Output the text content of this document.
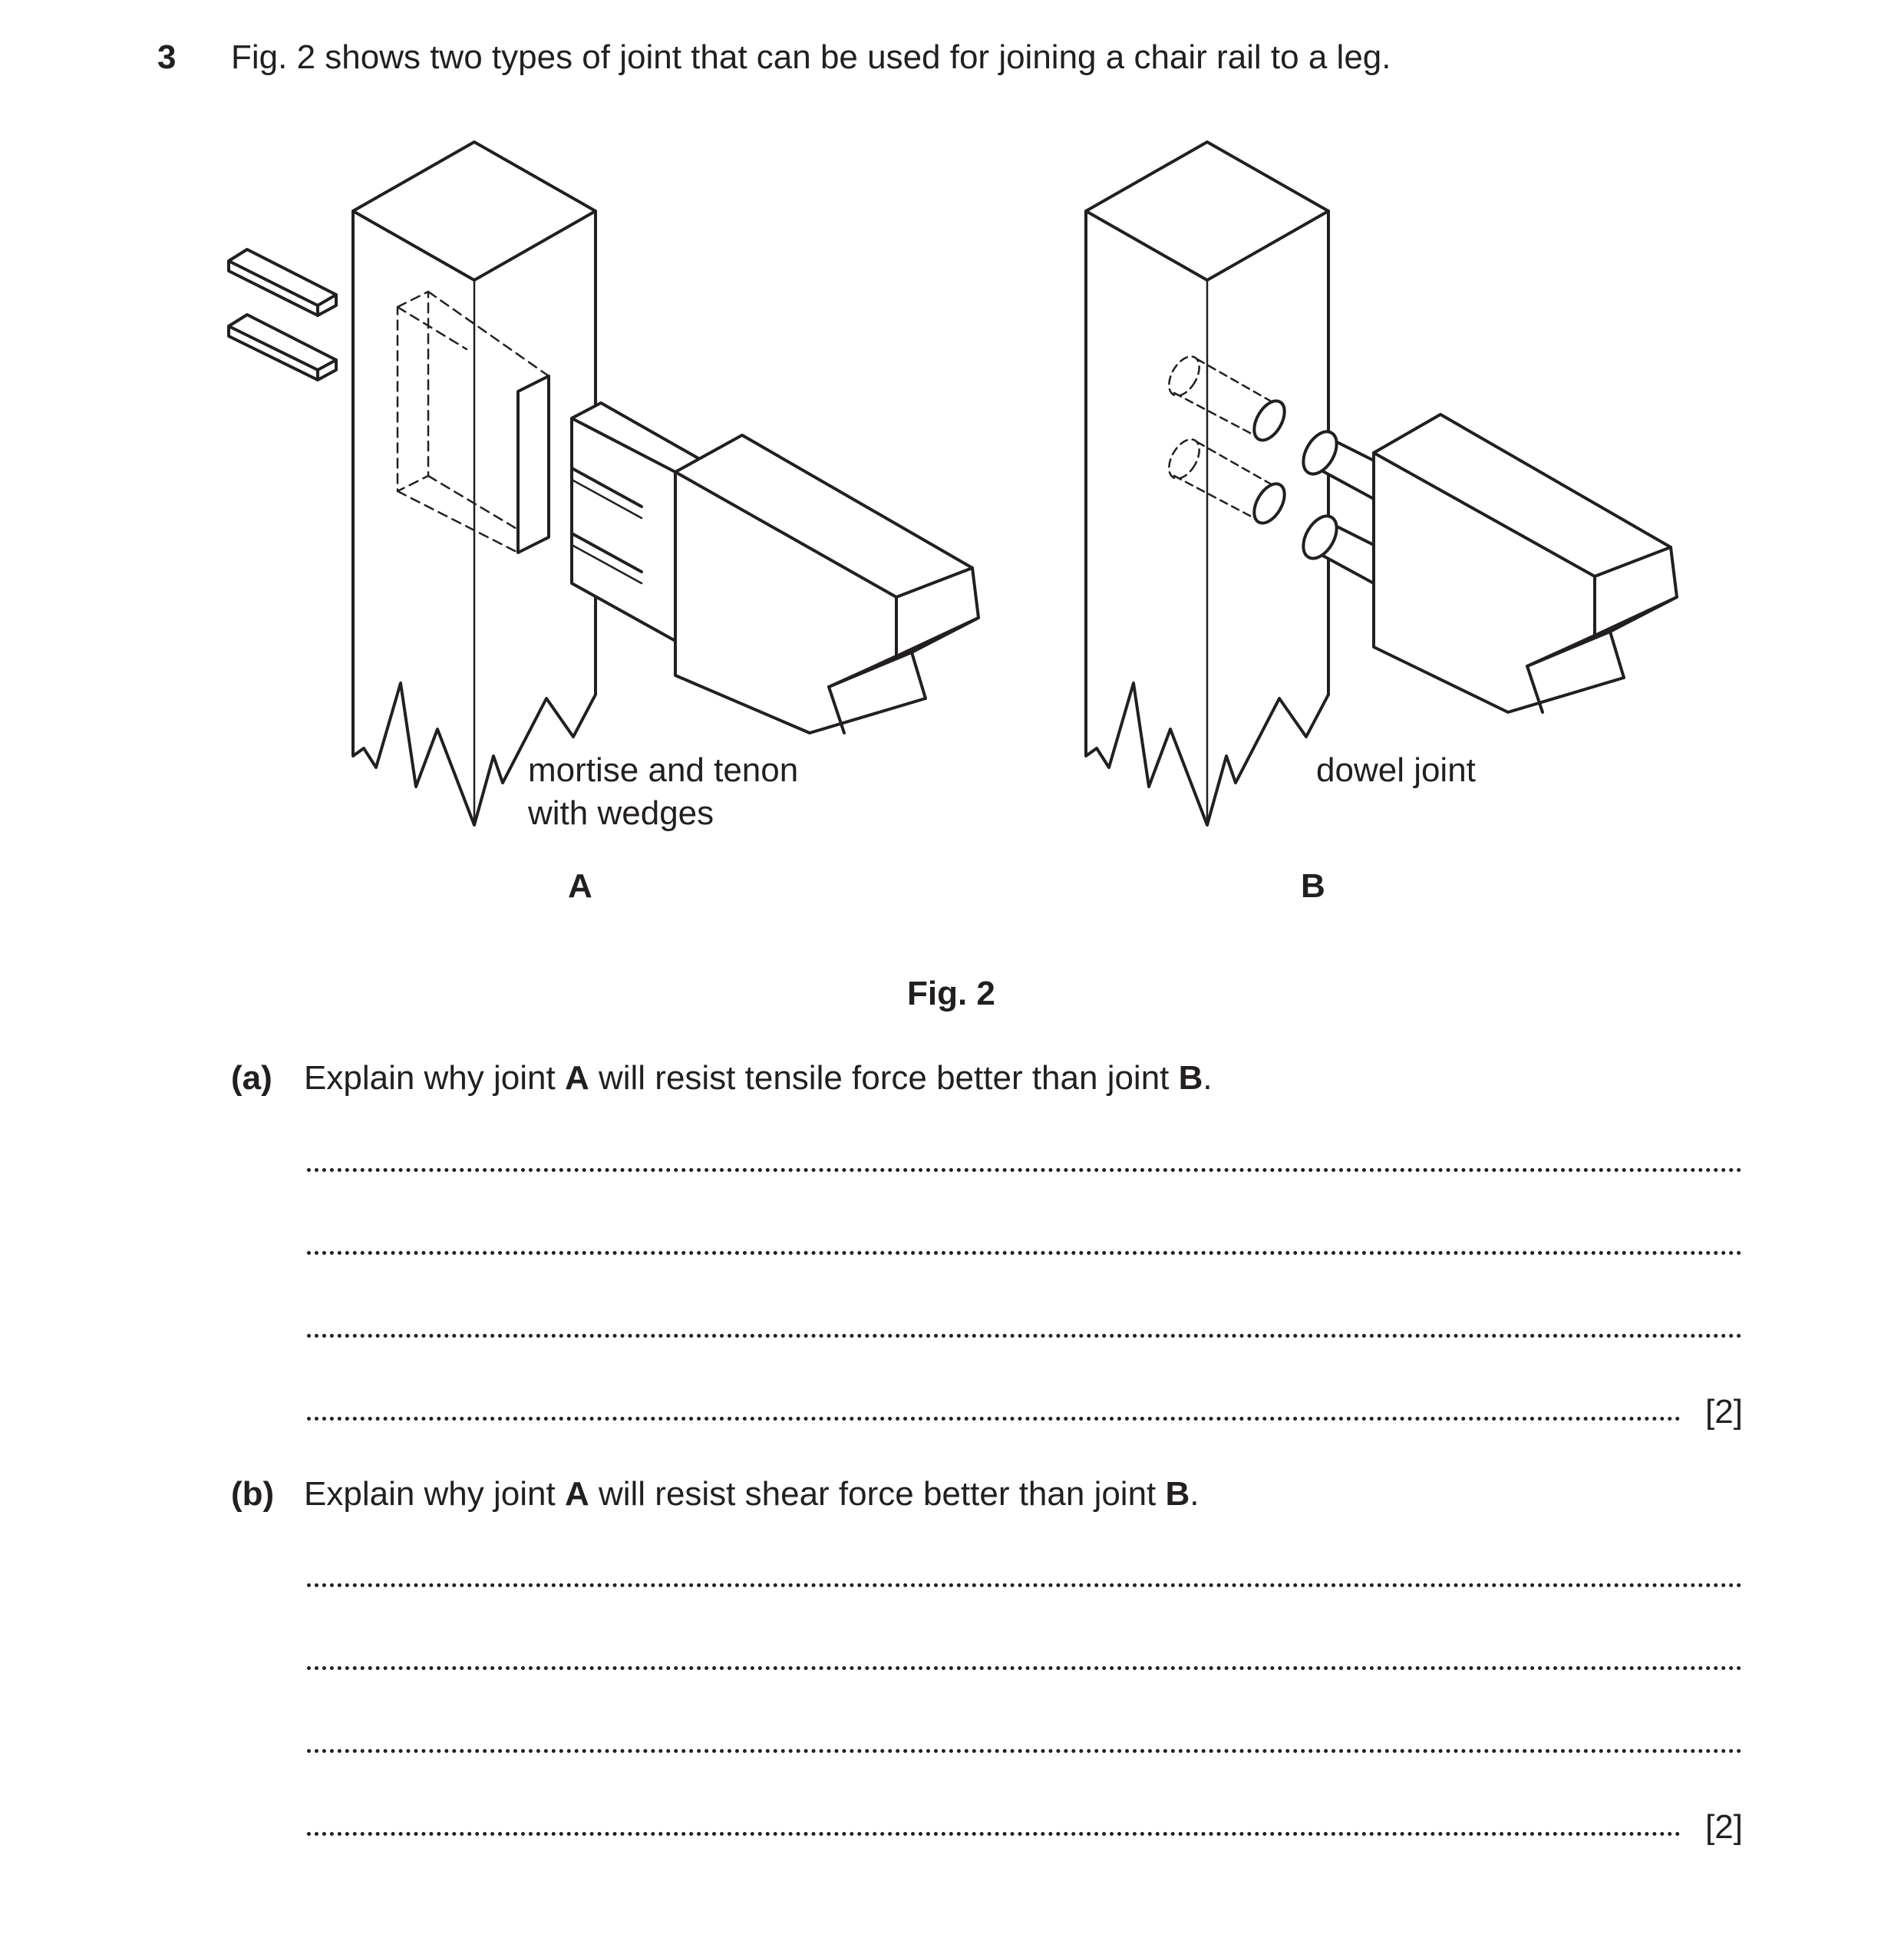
3 Fig. 2 shows two types of joint that can be used for joining a chair rail to a leg.
mortise and tenon
with wedges
A
dowel joint
B
Fig. 2
(a) Explain why joint A will resist tensile force better than joint B.
[2]
(b) Explain why joint A will resist shear force better than joint B.
[2]
